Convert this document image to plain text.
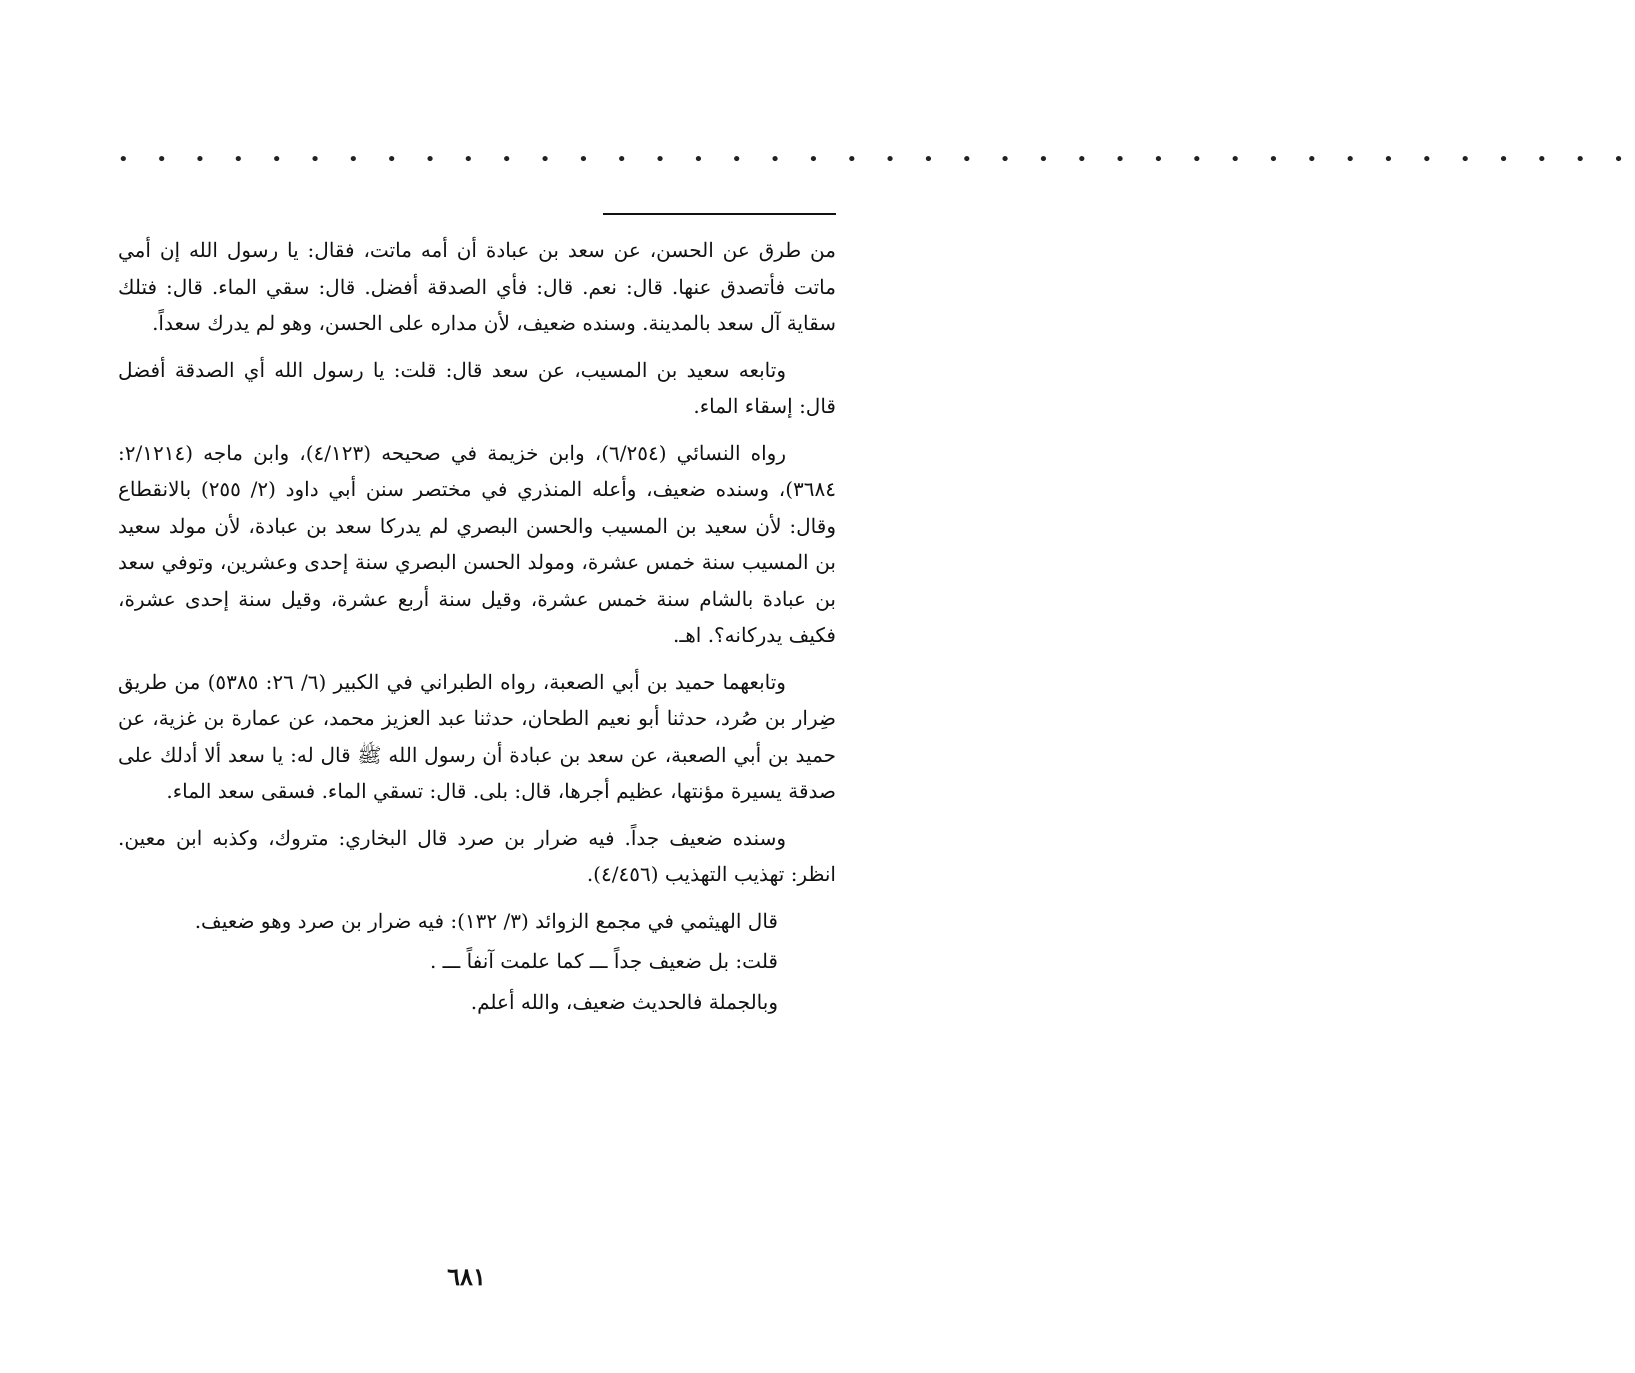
• • • • • • • • • • • • • • • • • • • • • • • • • • • • • • • • • • • • • • • •

من طرق عن الحسن، عن سعد بن عبادة أن أمه ماتت، فقال: يا رسول الله إن أمي ماتت فأتصدق عنها. قال: نعم. قال: فأي الصدقة أفضل. قال: سقي الماء. قال: فتلك سقاية آل سعد بالمدينة. وسنده ضعيف، لأن مداره على الحسن، وهو لم يدرك سعداً.

وتابعه سعيد بن المسيب، عن سعد قال: قلت: يا رسول الله أي الصدقة أفضل قال: إسقاء الماء.

رواه النسائي (٦/٢٥٤)، وابن خزيمة في صحيحه (٤/١٢٣)، وابن ماجه (٢/١٢١٤: ٣٦٨٤)، وسنده ضعيف، وأعله المنذري في مختصر سنن أبي داود (٢/ ٢٥٥) بالانقطاع وقال: لأن سعيد بن المسيب والحسن البصري لم يدركا سعد بن عبادة، لأن مولد سعيد بن المسيب سنة خمس عشرة، ومولد الحسن البصري سنة إحدى وعشرين، وتوفي سعد بن عبادة بالشام سنة خمس عشرة، وقيل سنة أربع عشرة، وقيل سنة إحدى عشرة، فكيف يدركانه؟. اهـ.

وتابعهما حميد بن أبي الصعبة، رواه الطبراني في الكبير (٦/ ٢٦: ٥٣٨٥) من طريق ضِرار بن صُرد، حدثنا أبو نعيم الطحان، حدثنا عبد العزيز محمد، عن عمارة بن غزية، عن حميد بن أبي الصعبة، عن سعد بن عبادة أن رسول الله ﷺ قال له: يا سعد ألا أدلك على صدقة يسيرة مؤنتها، عظيم أجرها، قال: بلى. قال: تسقي الماء. فسقى سعد الماء.

وسنده ضعيف جداً. فيه ضرار بن صرد قال البخاري: متروك، وكذبه ابن معين. انظر: تهذيب التهذيب (٤/٤٥٦).

قال الهيثمي في مجمع الزوائد (٣/ ١٣٢): فيه ضرار بن صرد وهو ضعيف.

قلت: بل ضعيف جداً ـــ كما علمت آنفاً ـــ .

وبالجملة فالحديث ضعيف، والله أعلم.

٦٨١
